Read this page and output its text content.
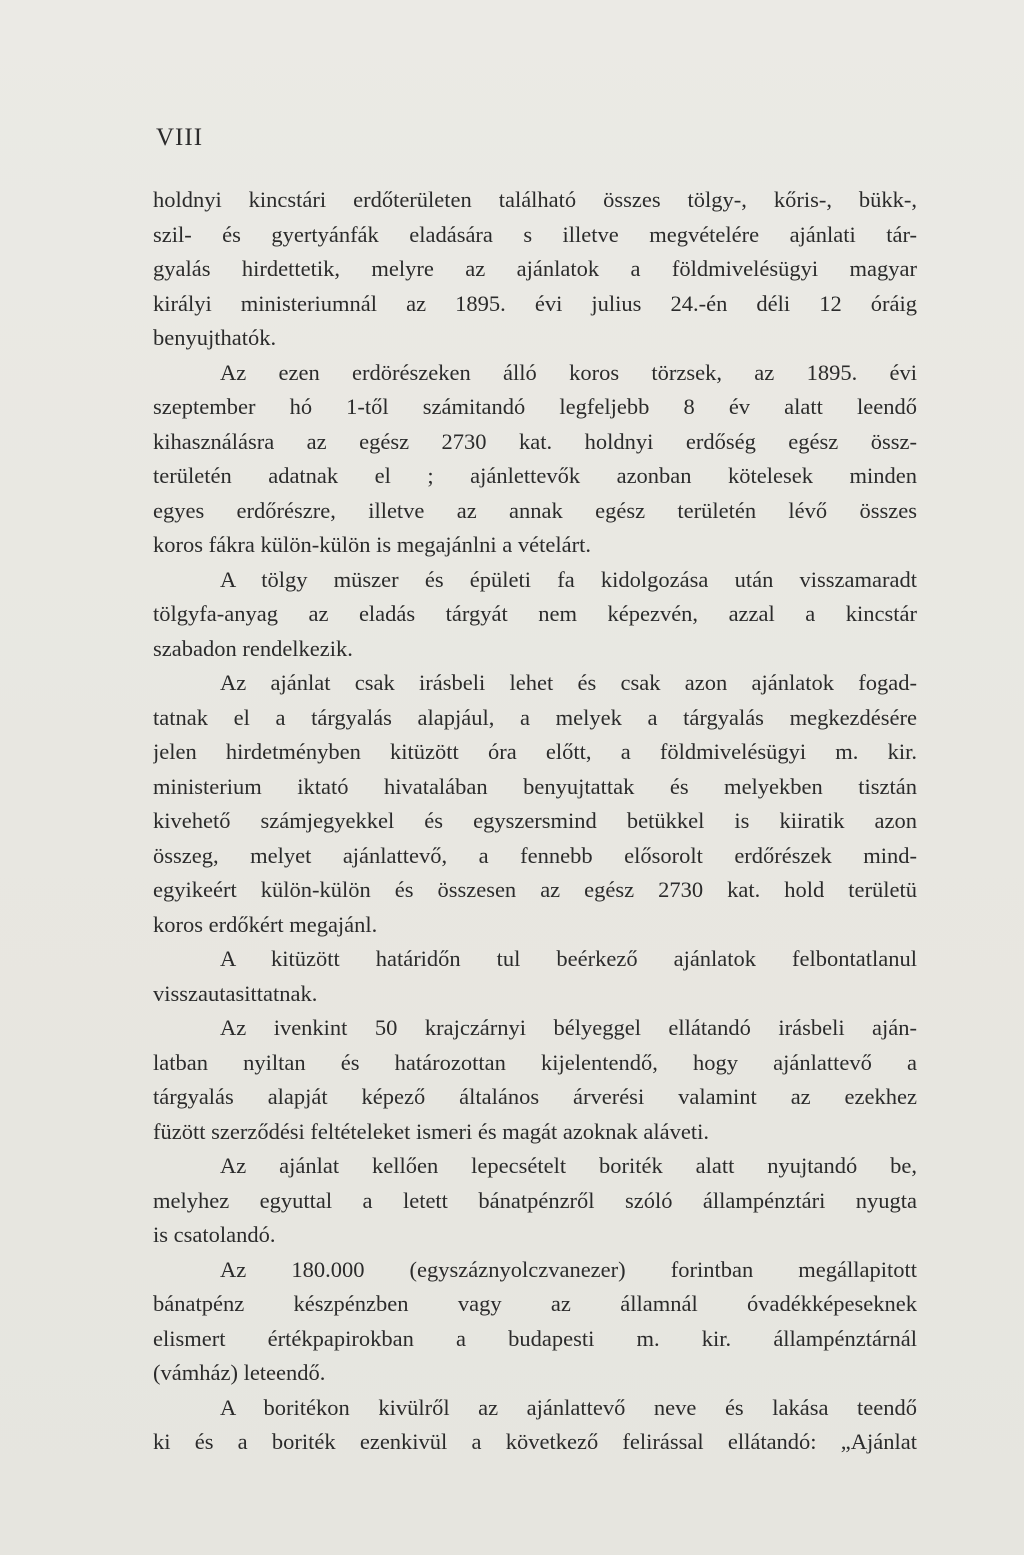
VIII
holdnyi kincstári erdőterületen található összes tölgy-, kőris-, bükk-,
szil- és gyertyánfák eladására s illetve megvételére ajánlati tár-
gyalás hirdettetik, melyre az ajánlatok a földmivelésügyi magyar
királyi ministeriumnál az 1895. évi julius 24.-én déli 12 óráig
benyujthatók.
Az ezen erdörészeken álló koros törzsek, az 1895. évi
szeptember hó 1-től számitandó legfeljebb 8 év alatt leendő
kihasználásra az egész 2730 kat. holdnyi erdőség egész össz-
területén adatnak el ; ajánlettevők azonban kötelesek minden
egyes erdőrészre, illetve az annak egész területén lévő összes
koros fákra külön-külön is megajánlni a vételárt.
A tölgy müszer és épületi fa kidolgozása után visszamaradt
tölgyfa-anyag az eladás tárgyát nem képezvén, azzal a kincstár
szabadon rendelkezik.
Az ajánlat csak irásbeli lehet és csak azon ajánlatok fogad-
tatnak el a tárgyalás alapjául, a melyek a tárgyalás megkezdésére
jelen hirdetményben kitüzött óra előtt, a földmivelésügyi m. kir.
ministerium iktató hivatalában benyujtattak és melyekben tisztán
kivehető számjegyekkel és egyszersmind betükkel is kiiratik azon
összeg, melyet ajánlattevő, a fennebb elősorolt erdőrészek mind-
egyikeért külön-külön és összesen az egész 2730 kat. hold területü
koros erdőkért megajánl.
A kitüzött határidőn tul beérkező ajánlatok felbontatlanul
visszautasittatnak.
Az ivenkint 50 krajczárnyi bélyeggel ellátandó irásbeli aján-
latban nyiltan és határozottan kijelentendő, hogy ajánlattevő a
tárgyalás alapját képező általános árverési valamint az ezekhez
füzött szerződési feltételeket ismeri és magát azoknak aláveti.
Az ajánlat kellően lepecsételt boriték alatt nyujtandó be,
melyhez egyuttal a letett bánatpénzről szóló állampénztári nyugta
is csatolandó.
Az 180.000 (egyszáznyolczvanezer) forintban megállapitott
bánatpénz készpénzben vagy az államnál óvadékképeseknek
elismert értékpapirokban a budapesti m. kir. állampénztárnál
(vámház) leteendő.
A boritékon kivülről az ajánlattevő neve és lakása teendő
ki és a boriték ezenkivül a következő felirással ellátandó: „Ajánlat
